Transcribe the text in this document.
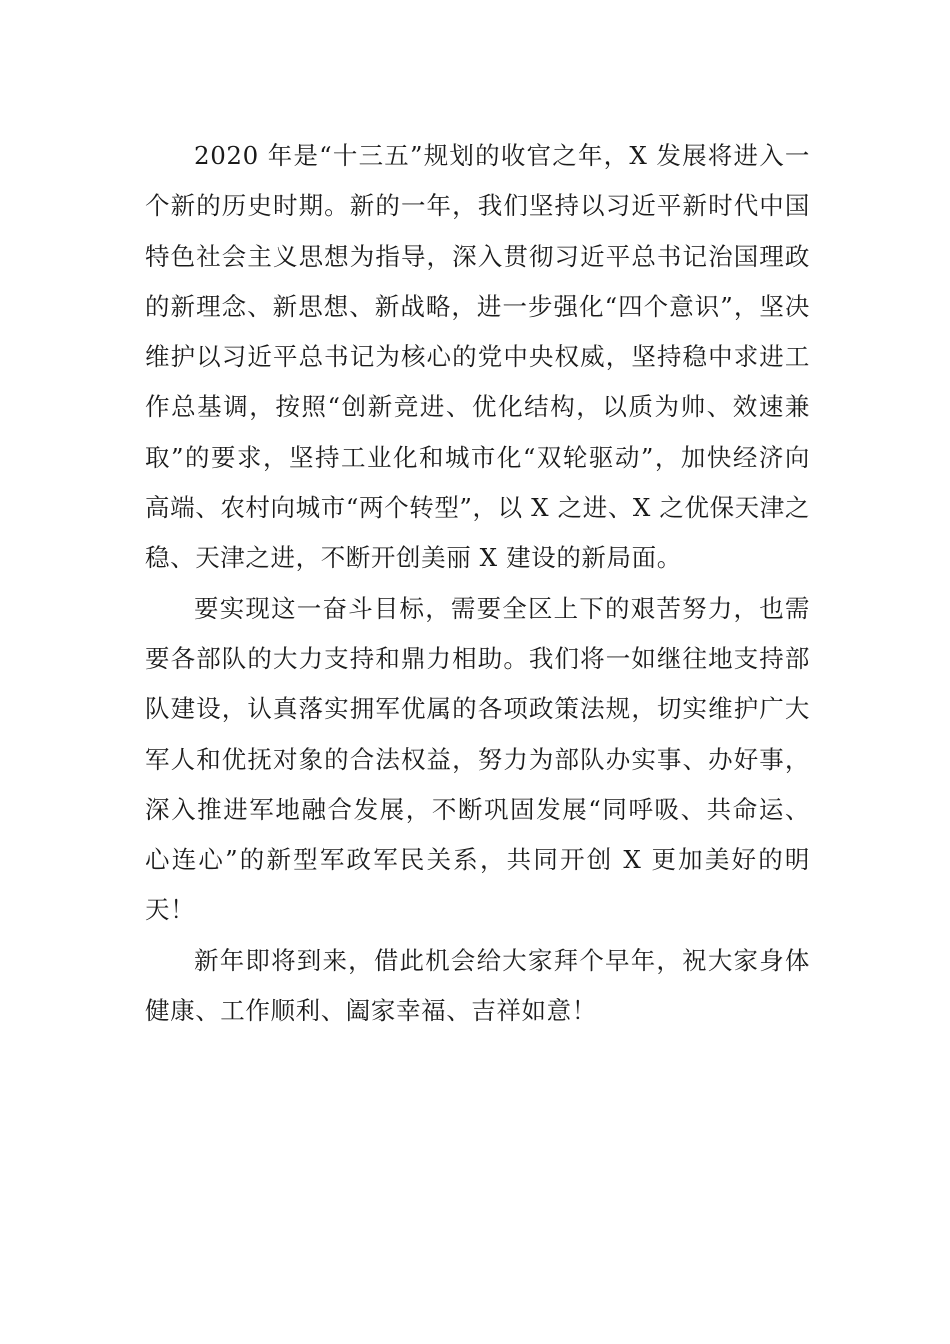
2020 年是“十三五”规划的收官之年，X 发展将进入一个新的历史时期。新的一年，我们坚持以习近平新时代中国特色社会主义思想为指导，深入贯彻习近平总书记治国理政的新理念、新思想、新战略，进一步强化“四个意识”，坚决维护以习近平总书记为核心的党中央权威，坚持稳中求进工作总基调，按照“创新竞进、优化结构，以质为帅、效速兼取”的要求，坚持工业化和城市化“双轮驱动”，加快经济向高端、农村向城市“两个转型”，以 X 之进、X 之优保天津之稳、天津之进，不断开创美丽 X 建设的新局面。

要实现这一奋斗目标，需要全区上下的艰苦努力，也需要各部队的大力支持和鼎力相助。我们将一如继往地支持部队建设，认真落实拥军优属的各项政策法规，切实维护广大军人和优抚对象的合法权益，努力为部队办实事、办好事，深入推进军地融合发展，不断巩固发展“同呼吸、共命运、心连心”的新型军政军民关系，共同开创 X 更加美好的明天！

新年即将到来，借此机会给大家拜个早年，祝大家身体健康、工作顺利、阖家幸福、吉祥如意！
